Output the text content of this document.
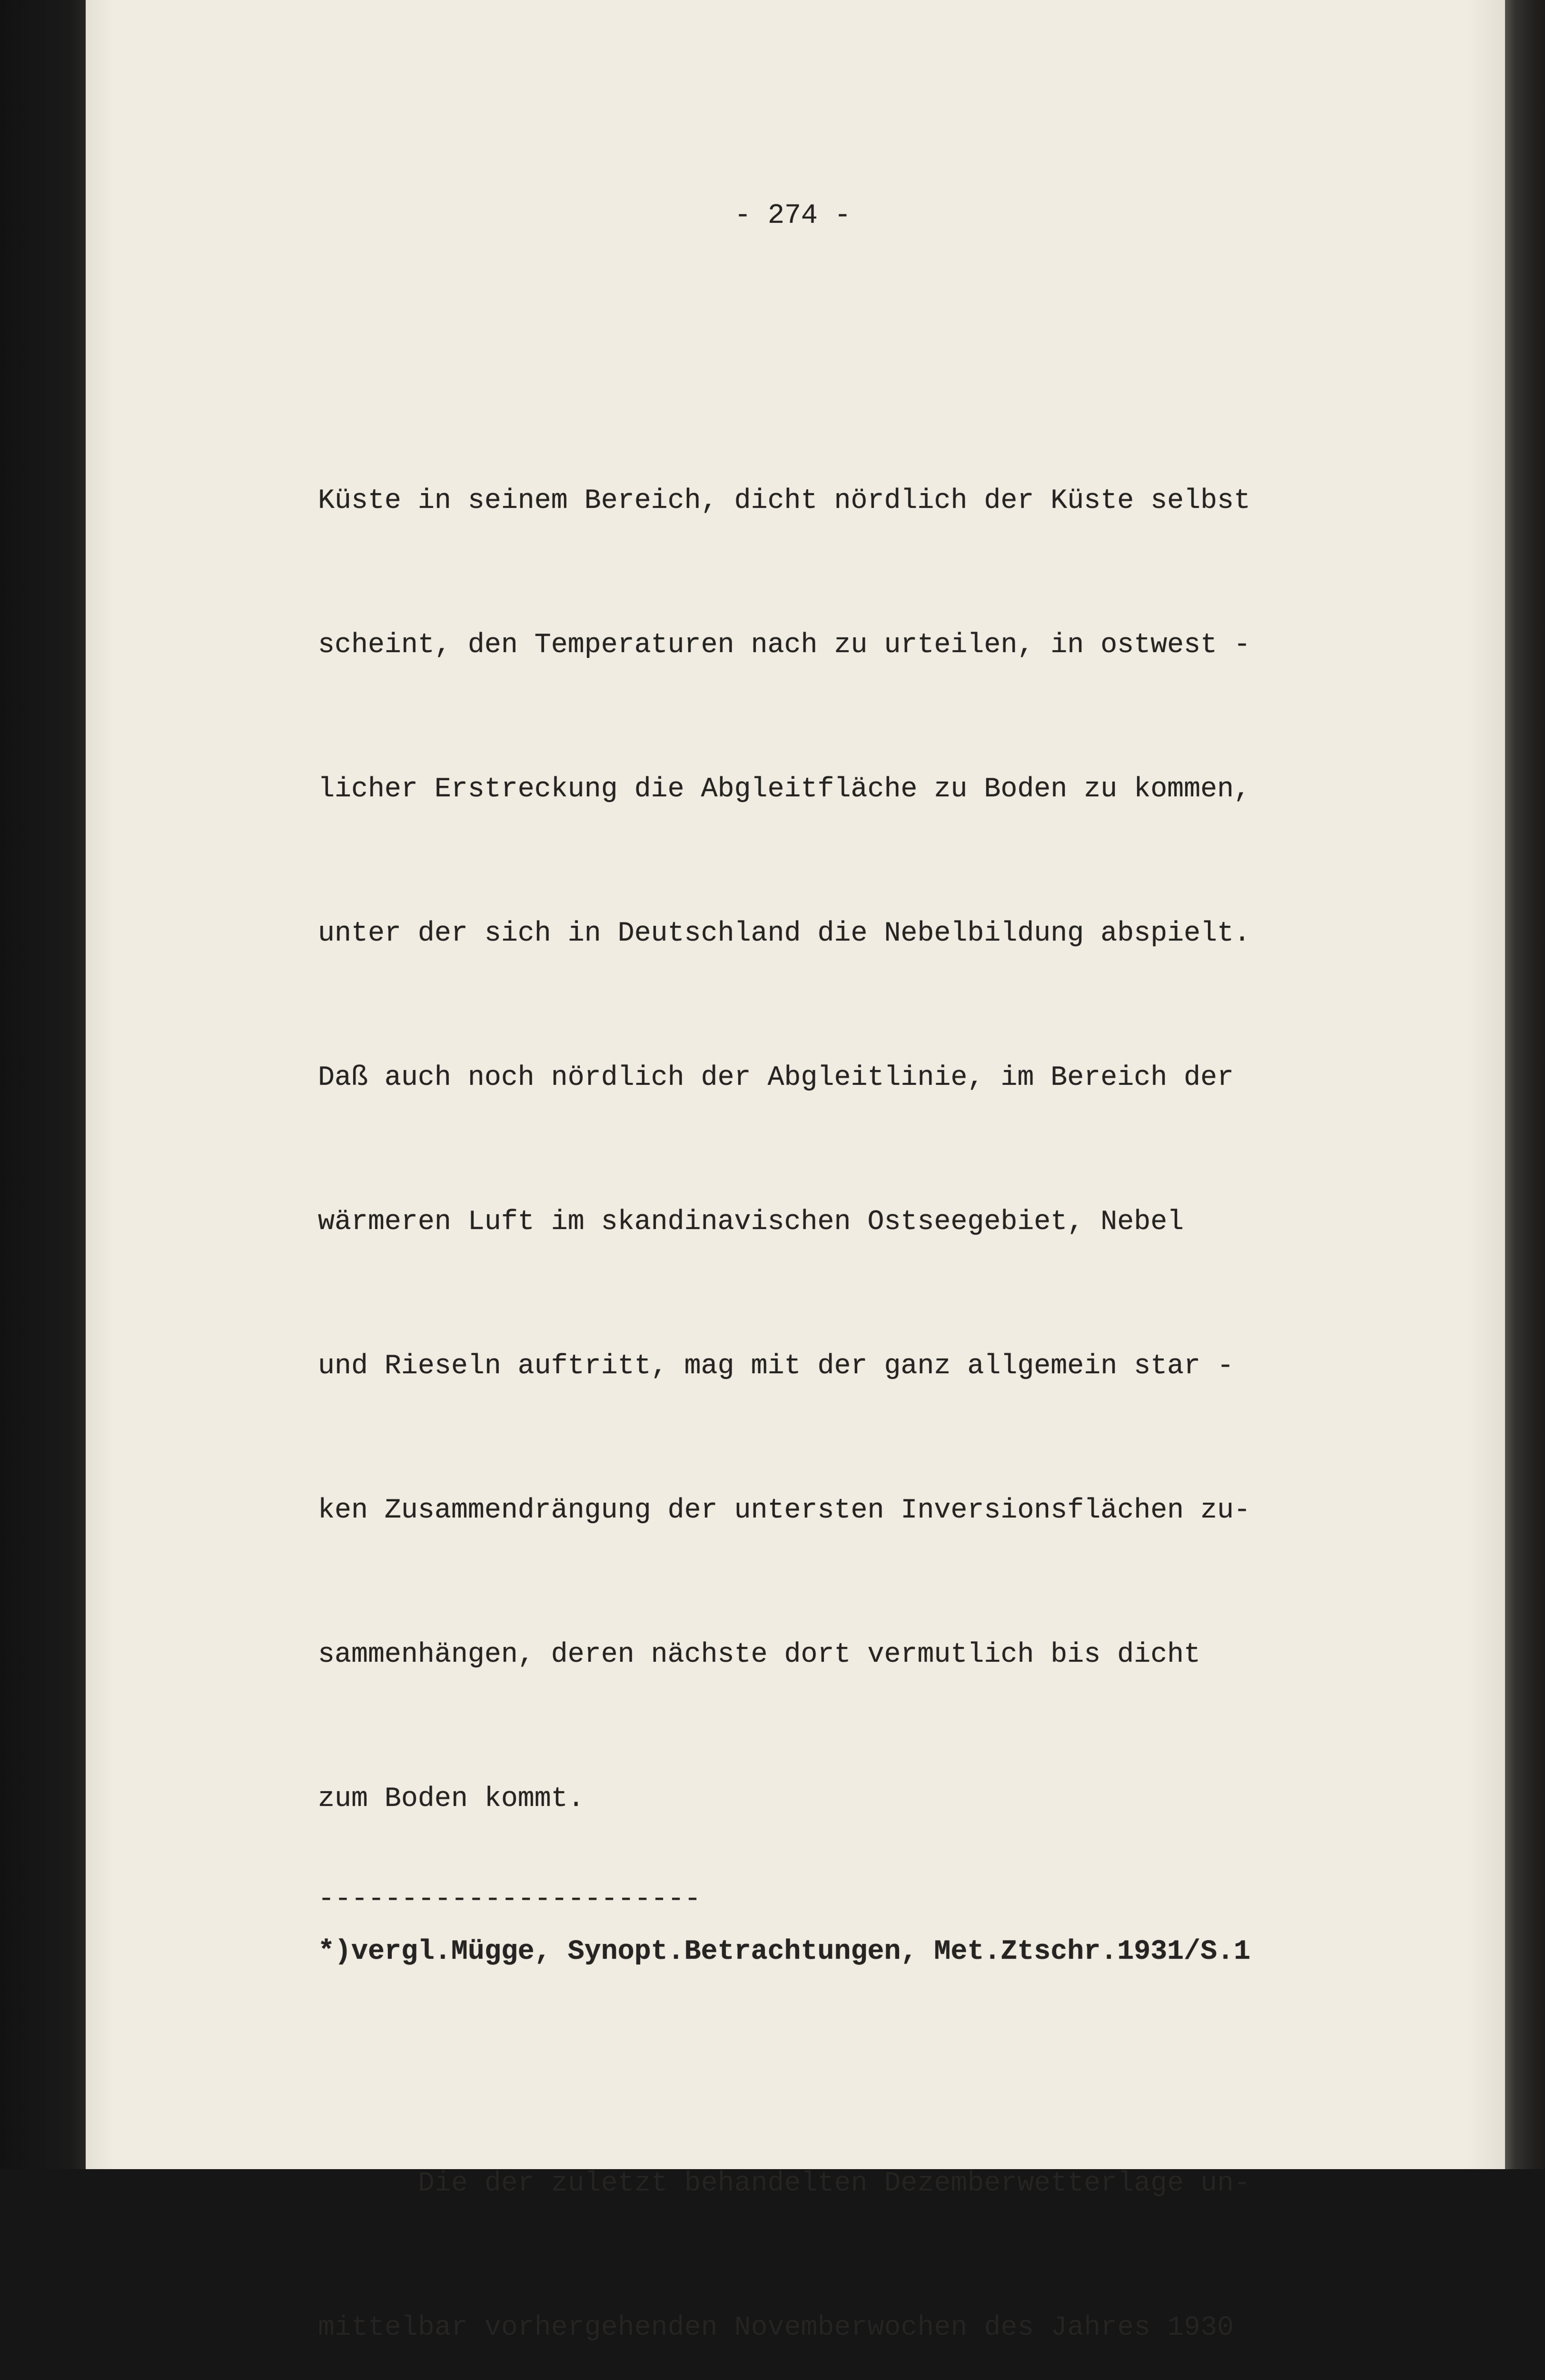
- 274 -

Küste in seinem Bereich, dicht nördlich der Küste selbst

scheint, den Temperaturen nach zu urteilen, in ostwest -

licher Erstreckung die Abgleitfläche zu Boden zu kommen,

unter der sich in Deutschland die Nebelbildung abspielt.

Daß auch noch nördlich der Abgleitlinie, im Bereich der

wärmeren Luft im skandinavischen Ostseegebiet, Nebel

und Rieseln auftritt, mag mit der ganz allgemein star -

ken Zusammendrängung der untersten Inversionsflächen zu-

sammenhängen, deren nächste dort vermutlich bis dicht

zum Boden kommt.

Die der zuletzt behandelten Dezemberwetterlage un-

mittelbar vorhergehenden Novemberwochen des Jahres 1930

-----------------------
*)vergl.Mügge, Synopt.Betrachtungen, Met.Ztschr.1931/S.1
